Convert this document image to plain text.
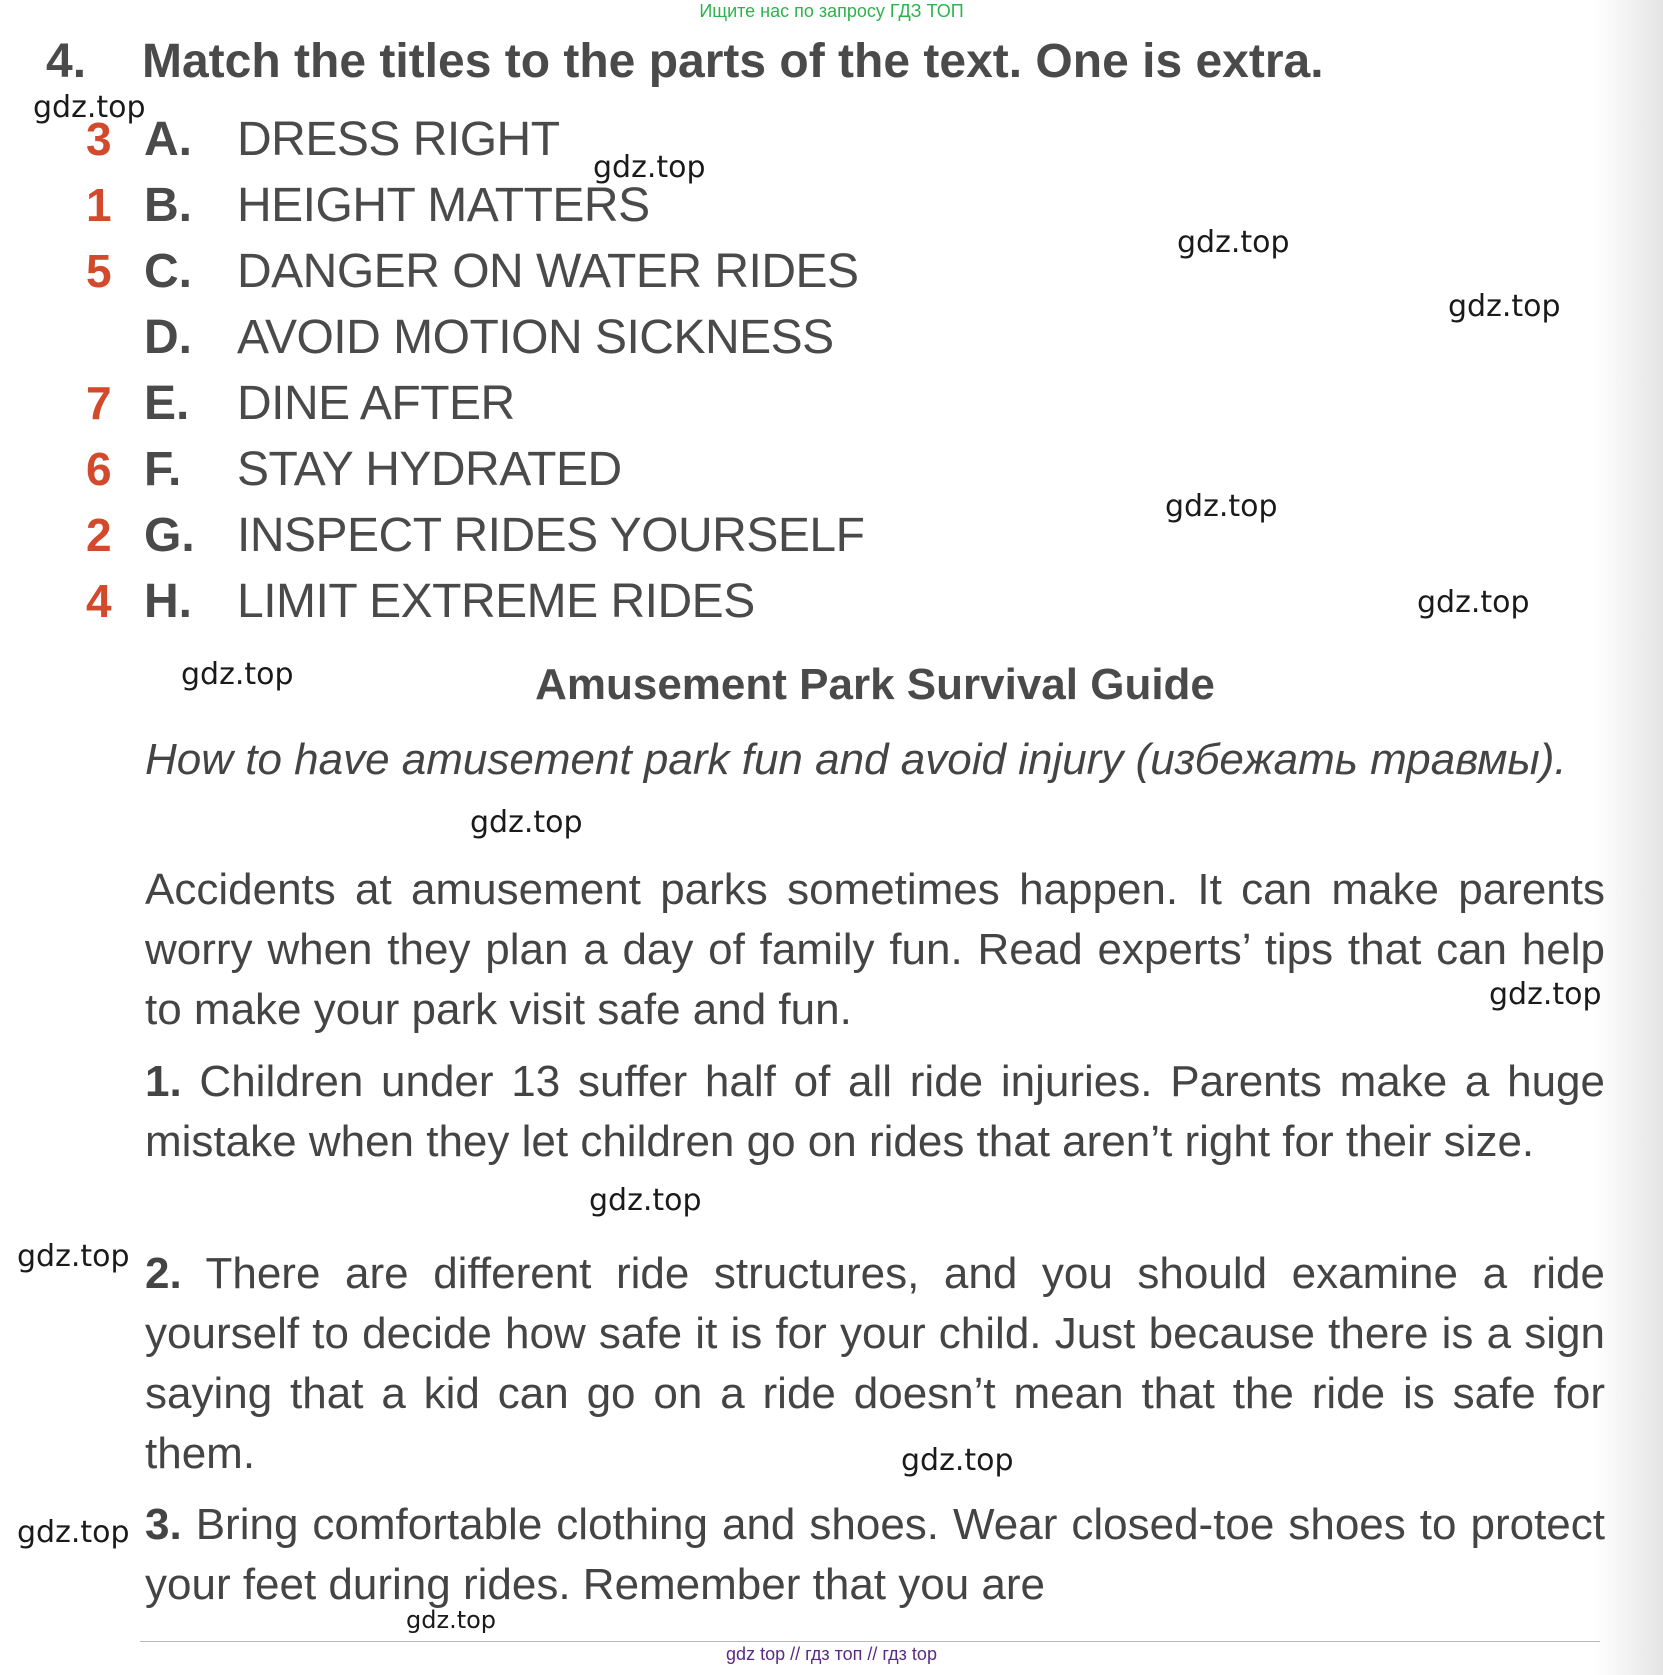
Ищите нас по запросу ГДЗ ТОП
4. Match the titles to the parts of the text. One is extra.
3 A. DRESS RIGHT
1 B. HEIGHT MATTERS
5 C. DANGER ON WATER RIDES
D. AVOID MOTION SICKNESS
7 E. DINE AFTER
6 F. STAY HYDRATED
2 G. INSPECT RIDES YOURSELF
4 H. LIMIT EXTREME RIDES
Amusement Park Survival Guide

How to have amusement park fun and avoid injury (избежать травмы).

Accidents at amusement parks sometimes happen. It can make parents worry when they plan a day of family fun. Read experts’ tips that can help to make your park visit safe and fun.

1. Children under 13 suffer half of all ride injuries. Parents make a huge mistake when they let children go on rides that aren’t right for their size.

2. There are different ride structures, and you should examine a ride yourself to decide how safe it is for your child. Just because there is a sign saying that a kid can go on a ride doesn’t mean that the ride is safe for them.

3. Bring comfortable clothing and shoes. Wear closed-toe shoes to protect your feet during rides. Remember that you are

gdz.top
gdz.top
gdz.top
gdz.top
gdz.top
gdz.top
gdz.top
gdz.top
gdz.top
gdz.top
gdz.top
gdz.top
gdz.top
gdz.top
gdz top // гдз топ // гдз top
